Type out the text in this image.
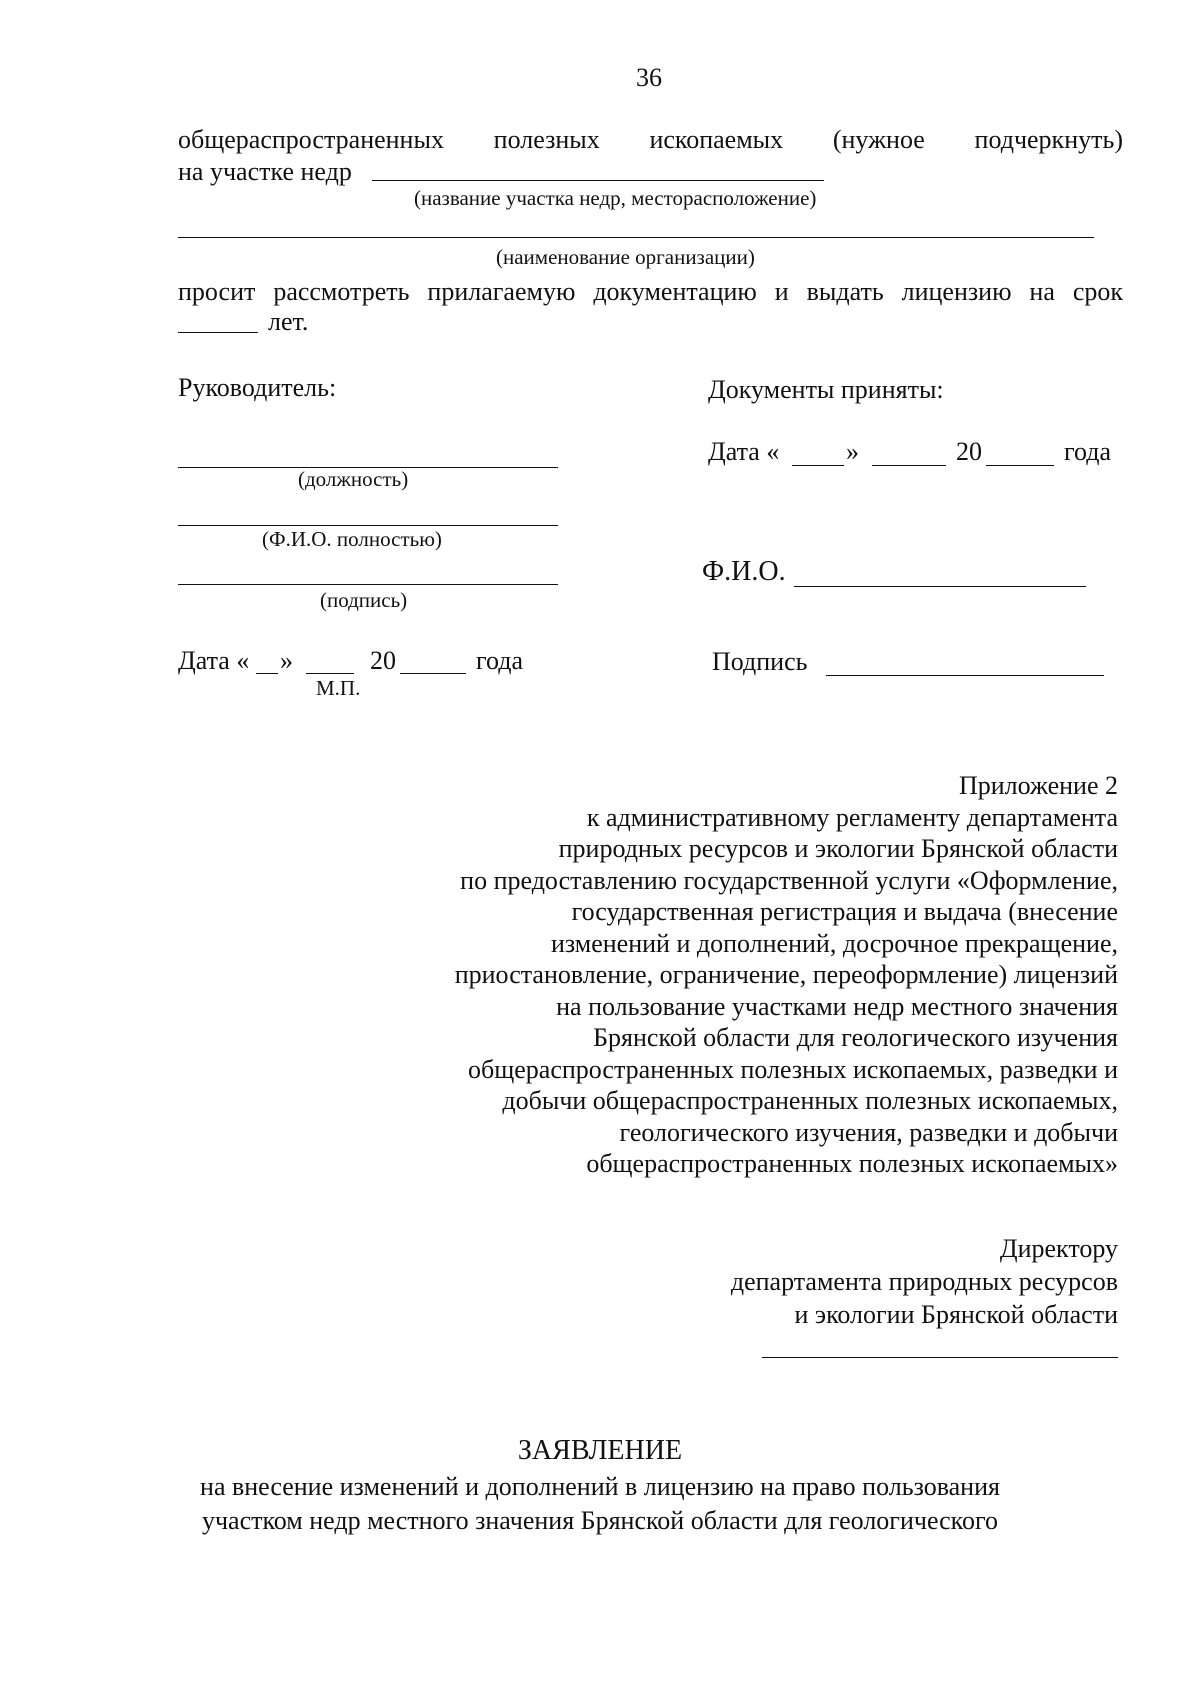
36
общераспространенных полезных ископаемых (нужное подчеркнуть)
на участке недр
(название участка недр, месторасположение)
(наименование организации)
просит рассмотреть прилагаемую документацию и выдать лицензию на срок
лет.
Руководитель:
(должность)
(Ф.И.О. полностью)
(подпись)
Дата « »	20	года
М.П.
Документы приняты:
Дата «	»	20	года
Ф.И.О.
Подпись
Приложение 2
к административному регламенту департамента
природных ресурсов и экологии Брянской области
по предоставлению государственной услуги «Оформление,
государственная регистрация и выдача (внесение
изменений и дополнений, досрочное прекращение,
приостановление, ограничение, переоформление) лицензий
на пользование участками недр местного значения
Брянской области для геологического изучения
общераспространенных полезных ископаемых, разведки и
добычи общераспространенных полезных ископаемых,
геологического изучения, разведки и добычи
общераспространенных полезных ископаемых»
Директору
департамента природных ресурсов
и экологии Брянской области
ЗАЯВЛЕНИЕ
на внесение изменений и дополнений в лицензию на право пользования
участком недр местного значения Брянской области для геологического
